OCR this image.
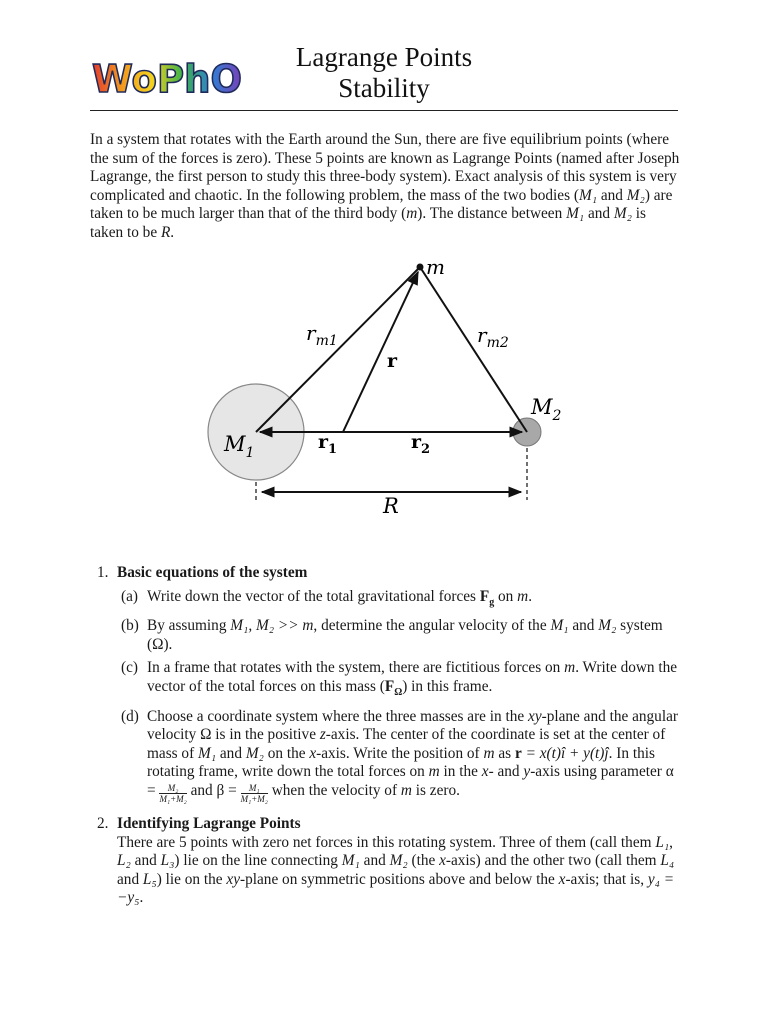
WoPhO	Lagrange Points
Stability
In a system that rotates with the Earth around the Sun, there are five equilibrium points (where the sum of the forces is zero). These 5 points are known as Lagrange Points (named after Joseph Lagrange, the first person to study this three-body system). Exact analysis of this system is very complicated and chaotic. In the following problem, the mass of the two bodies (M₁ and M₂) are taken to be much larger than that of the third body (m). The distance between M₁ and M₂ is taken to be R.
m
$r_{m1}$	$r_{m2}$
r
$M_2$
$M_1$	$r_1$	$r_2$
R
1. Basic equations of the system
(a) Write down the vector of the total gravitational forces $F_g$ on m.
(b) By assuming M₁, M₂ >> m, determine the angular velocity of the M₁ and M₂ system (Ω).
(c) In a frame that rotates with the system, there are fictitious forces on m. Write down the vector of the total forces on this mass $(F_\Omega)$ in this frame.
(d) Choose a coordinate system where the three masses are in the xy-plane and the angular velocity Ω is in the positive z-axis. The center of the coordinate is set at the center of mass of M₁ and M₂ on the x-axis. Write the position of m as r = x(t)î + y(t)ĵ. In this rotating frame, write down the total forces on m in the x- and y-axis using parameter $\alpha = \frac{\text{M₂}}{\text{M₁+M₂}}$ and $\beta = \frac{\text{M₁}}{\text{M₁+M₂}}$ when the velocity of m is zero.
2. Identifying Lagrange Points
There are 5 points with zero net forces in this rotating system. Three of them (call them L₁, L₂ and L₃) lie on the line connecting M₁ and M₂ (the x-axis) and the other two (call them L₄ and L₅) lie on the xy-plane on symmetric positions above and below the x-axis; that is, y₄ = −y₅.
